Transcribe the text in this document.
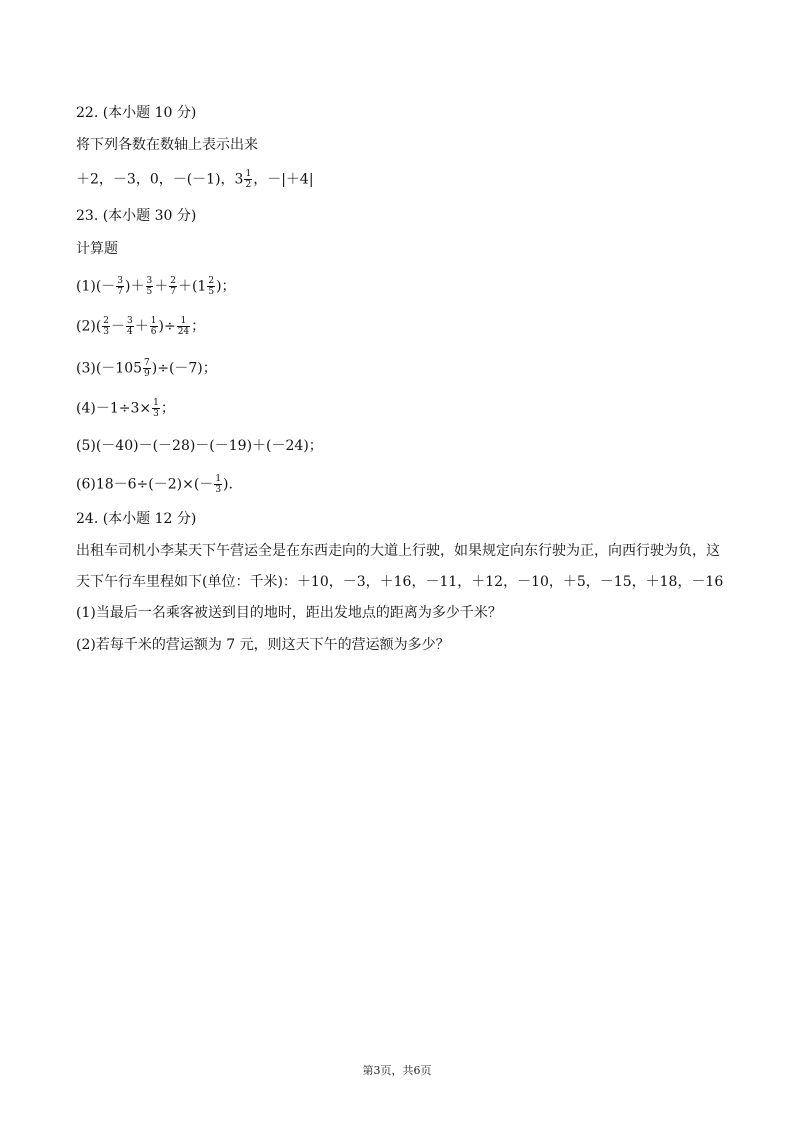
22. (本小题 10 分)
将下列各数在数轴上表示出来
＋2，－3，0，－(－1)，$3 \frac{1}{2}$ ，－|＋4|
23. (本小题 30 分)
计算题
$(1)(- \frac{3}{7}$ )＋ $\frac{3}{5} + \frac{2}{7} +(1 \frac{2}{5}$ )；
$(2)( \frac{2}{3} - \frac{3}{4} + \frac{1}{6}$ )÷ $\frac{1}{24}$ ；
$(3)(-105 \frac{7}{9} )\div(-7)$；
$(4)-1\div 3\times \frac{1}{3}$ ；
(5)(－40)－(－28)－(－19)＋(－24)；
$(6)18-6\div(-2)\times(- \frac{1}{3}$ ).
24. (本小题 12 分)
出租车司机小李某天下午营运全是在东西走向的大道上行驶，如果规定向东行驶为正，向西行驶为负，这
天下午行车里程如下(单位：千米)：＋10，－3，＋16，－11，＋12，－10，＋5，－15，＋18，－16
(1)当最后一名乘客被送到目的地时，距出发地点的距离为多少千米？
(2)若每千米的营运额为 7 元，则这天下午的营运额为多少？
第3页，共6页
